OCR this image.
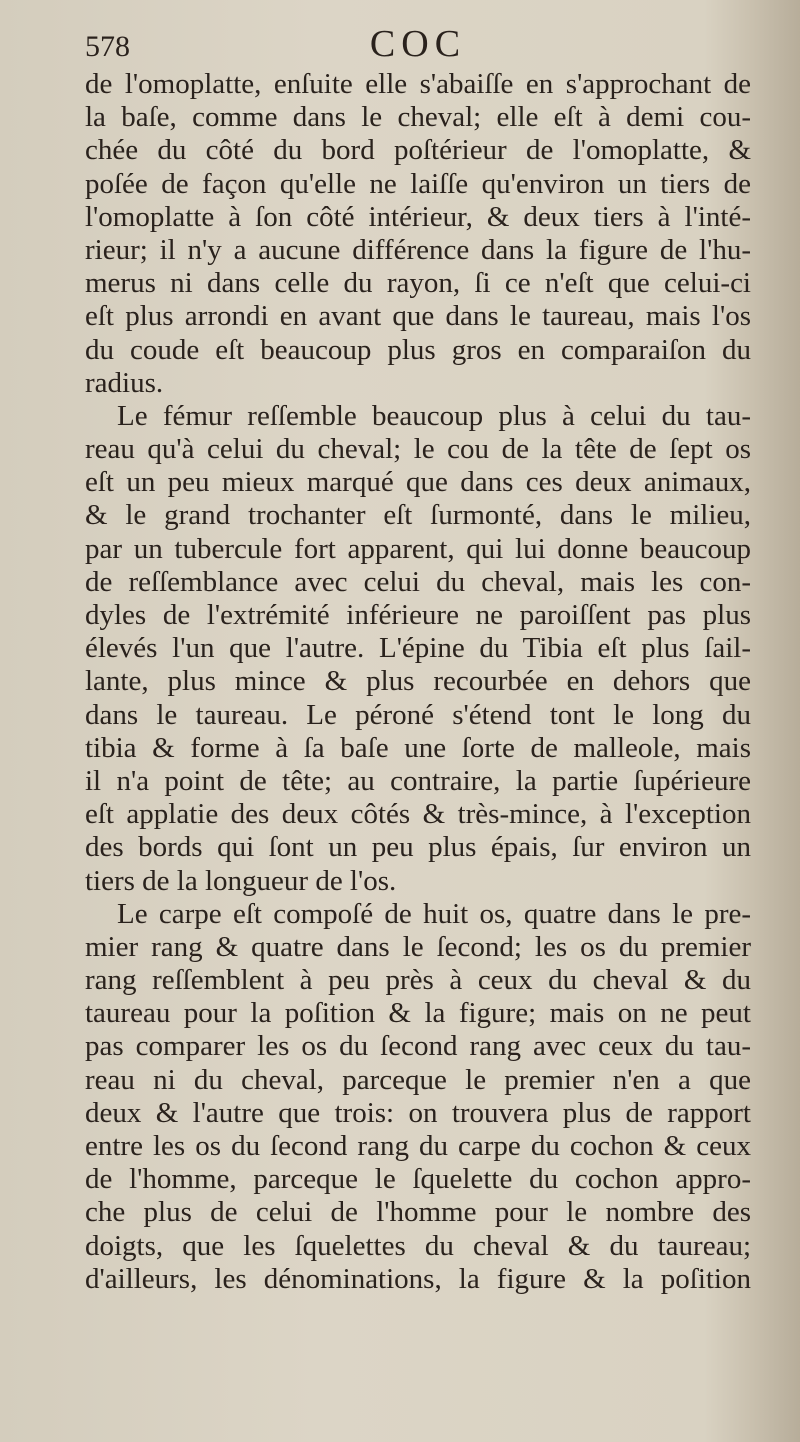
578	COC
de l'omoplatte, enſuite elle s'abaiſſe en s'approchant de
la baſe, comme dans le cheval; elle eſt à demi cou-
chée du côté du bord poſtérieur de l'omoplatte, &
poſée de façon qu'elle ne laiſſe qu'environ un tiers de
l'omoplatte à ſon côté intérieur, & deux tiers à l'inté-
rieur; il n'y a aucune différence dans la figure de l'hu-
merus ni dans celle du rayon, ſi ce n'eſt que celui-ci
eſt plus arrondi en avant que dans le taureau, mais l'os
du coude eſt beaucoup plus gros en comparaiſon du
radius.
Le fémur reſſemble beaucoup plus à celui du tau-
reau qu'à celui du cheval; le cou de la tête de ſept os
eſt un peu mieux marqué que dans ces deux animaux,
& le grand trochanter eſt ſurmonté, dans le milieu,
par un tubercule fort apparent, qui lui donne beaucoup
de reſſemblance avec celui du cheval, mais les con-
dyles de l'extrémité inférieure ne paroiſſent pas plus
élevés l'un que l'autre. L'épine du Tibia eſt plus ſail-
lante, plus mince & plus recourbée en dehors que
dans le taureau. Le péroné s'étend tont le long du
tibia & forme à ſa baſe une ſorte de malleole, mais
il n'a point de tête; au contraire, la partie ſupérieure
eſt applatie des deux côtés & très-mince, à l'exception
des bords qui ſont un peu plus épais, ſur environ un
tiers de la longueur de l'os.
Le carpe eſt compoſé de huit os, quatre dans le pre-
mier rang & quatre dans le ſecond; les os du premier
rang reſſemblent à peu près à ceux du cheval & du
taureau pour la poſition & la figure; mais on ne peut
pas comparer les os du ſecond rang avec ceux du tau-
reau ni du cheval, parceque le premier n'en a que
deux & l'autre que trois: on trouvera plus de rapport
entre les os du ſecond rang du carpe du cochon & ceux
de l'homme, parceque le ſquelette du cochon appro-
che plus de celui de l'homme pour le nombre des
doigts, que les ſquelettes du cheval & du taureau;
d'ailleurs, les dénominations, la figure & la poſition
